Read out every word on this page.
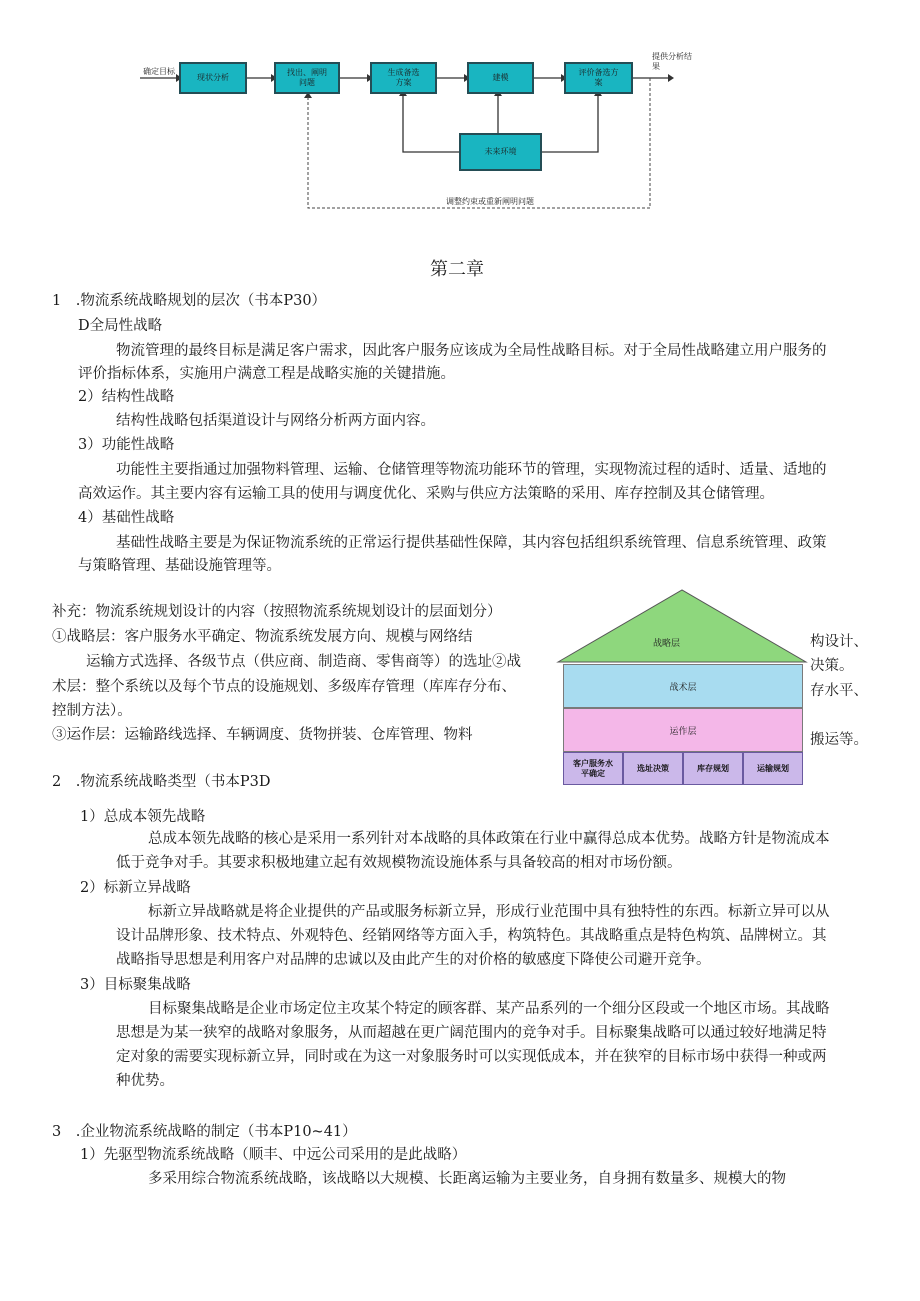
确定目标
提供分析结果
现状分析
找出、阐明问题
生成备选方案
建模
评价备选方案
未来环境
调整约束或重新阐明问题
第二章
1　.物流系统战略规划的层次（书本P30）
D全局性战略
物流管理的最终目标是满足客户需求，因此客户服务应该成为全局性战略目标。对于全局性战略建立用户服务的
评价指标体系，实施用户满意工程是战略实施的关键措施。
2）结构性战略
结构性战略包括渠道设计与网络分析两方面内容。
3）功能性战略
功能性主要指通过加强物料管理、运输、仓储管理等物流功能环节的管理，实现物流过程的适时、适量、适地的
高效运作。其主要内容有运输工具的使用与调度优化、采购与供应方法策略的采用、库存控制及其仓储管理。
4）基础性战略
基础性战略主要是为保证物流系统的正常运行提供基础性保障，其内容包括组织系统管理、信息系统管理、政策
与策略管理、基础设施管理等。
补充：物流系统规划设计的内容（按照物流系统规划设计的层面划分）
①战略层：客户服务水平确定、物流系统发展方向、规模与网络结
运输方式选择、各级节点（供应商、制造商、零售商等）的选址②战
术层：整个系统以及每个节点的设施规划、多级库存管理（库库存分布、
控制方法）。
③运作层：运输路线选择、车辆调度、货物拼装、仓库管理、物料
构设计、
决策。
存水平、
搬运等。
战略层
战术层
运作层
客户服务水平确定
选址决策	库存规划	运输规划
2　.物流系统战略类型（书本P3D
1）总成本领先战略
总成本领先战略的核心是采用一系列针对本战略的具体政策在行业中赢得总成本优势。战略方针是物流成本
低于竞争对手。其要求积极地建立起有效规模物流设施体系与具备较高的相对市场份额。
2）标新立异战略
标新立异战略就是将企业提供的产品或服务标新立异，形成行业范围中具有独特性的东西。标新立异可以从
设计品牌形象、技术特点、外观特色、经销网络等方面入手，构筑特色。其战略重点是特色构筑、品牌树立。其
战略指导思想是利用客户对品牌的忠诚以及由此产生的对价格的敏感度下降使公司避开竞争。
3）目标聚集战略
目标聚集战略是企业市场定位主攻某个特定的顾客群、某产品系列的一个细分区段或一个地区市场。其战略
思想是为某一狭窄的战略对象服务，从而超越在更广阔范围内的竞争对手。目标聚集战略可以通过较好地满足特
定对象的需要实现标新立异，同时或在为这一对象服务时可以实现低成本，并在狭窄的目标市场中获得一种或两
种优势。
3　.企业物流系统战略的制定（书本P10~41）
1）先驱型物流系统战略（顺丰、中远公司采用的是此战略）
多采用综合物流系统战略，该战略以大规模、长距离运输为主要业务，自身拥有数量多、规模大的物
